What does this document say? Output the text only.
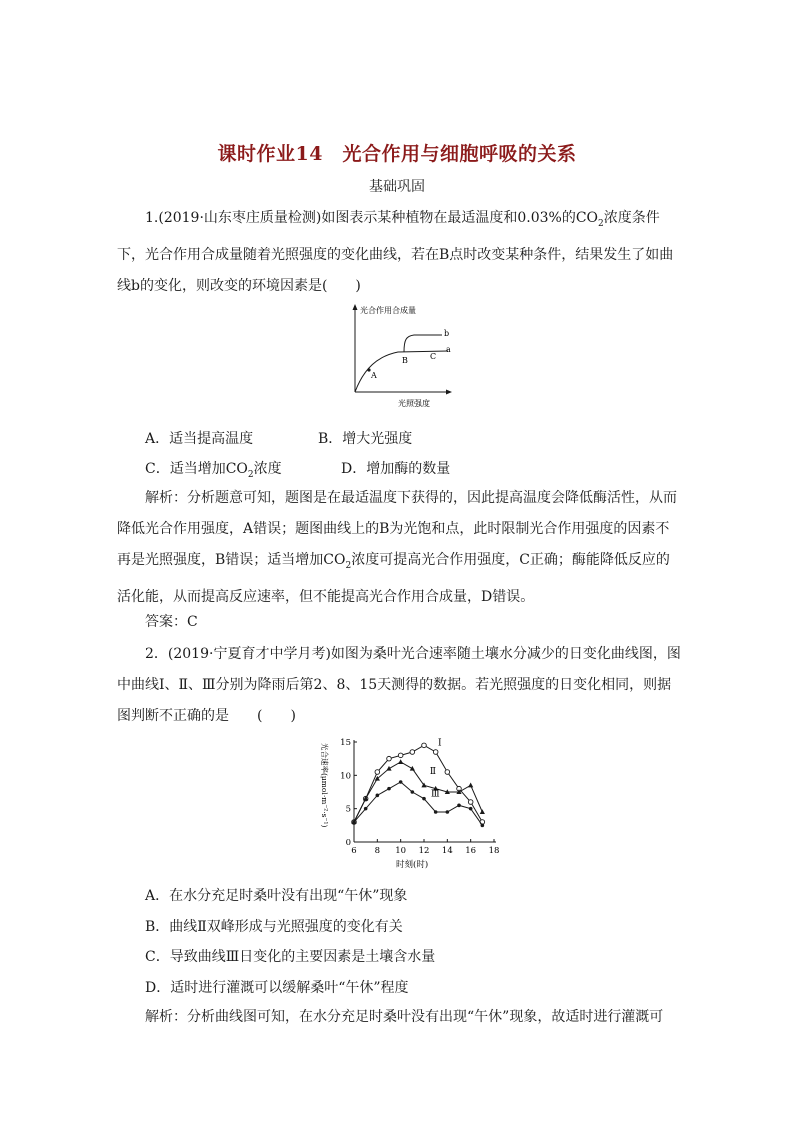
课时作业14　光合作用与细胞呼吸的关系
基础巩固

1.(2019·山东枣庄质量检测)如图表示某种植物在最适温度和0.03%的$CO_2$浓度条件下，光合作用合成量随着光照强度的变化曲线，若在B点时改变某种条件，结果发生了如曲线b的变化，则改变的环境因素是(　　)

光合作用合成量
光照强度
A
B	C
a
b
A．适当提高温度	B．增大光强度
C．适当增加$CO_2$浓度	D．增加酶的数量

解析：分析题意可知，题图是在最适温度下获得的，因此提高温度会降低酶活性，从而降低光合作用强度，A错误；题图曲线上的B为光饱和点，此时限制光合作用强度的因素不再是光照强度，B错误；适当增加$CO_2$浓度可提高光合作用强度，C正确；酶能降低反应的活化能，从而提高反应速率，但不能提高光合作用合成量，D错误。

答案：C

2．(2019·宁夏育才中学月考)如图为桑叶光合速率随土壤水分减少的日变化曲线图，图中曲线Ⅰ、Ⅱ、Ⅲ分别为降雨后第2、8、15天测得的数据。若光照强度的日变化相同，则据图判断不正确的是　　(　　)

光合速率(μmol·m⁻²·s⁻¹)
时刻(时)
6 8 10 12 14 16 18
0
5
10
15	Ⅰ
Ⅱ
Ⅲ
A．在水分充足时桑叶没有出现“午休”现象
B．曲线Ⅱ双峰形成与光照强度的变化有关
C．导致曲线Ⅲ日变化的主要因素是土壤含水量
D．适时进行灌溉可以缓解桑叶“午休”程度

解析：分析曲线图可知，在水分充足时桑叶没有出现“午休”现象，故适时进行灌溉可
